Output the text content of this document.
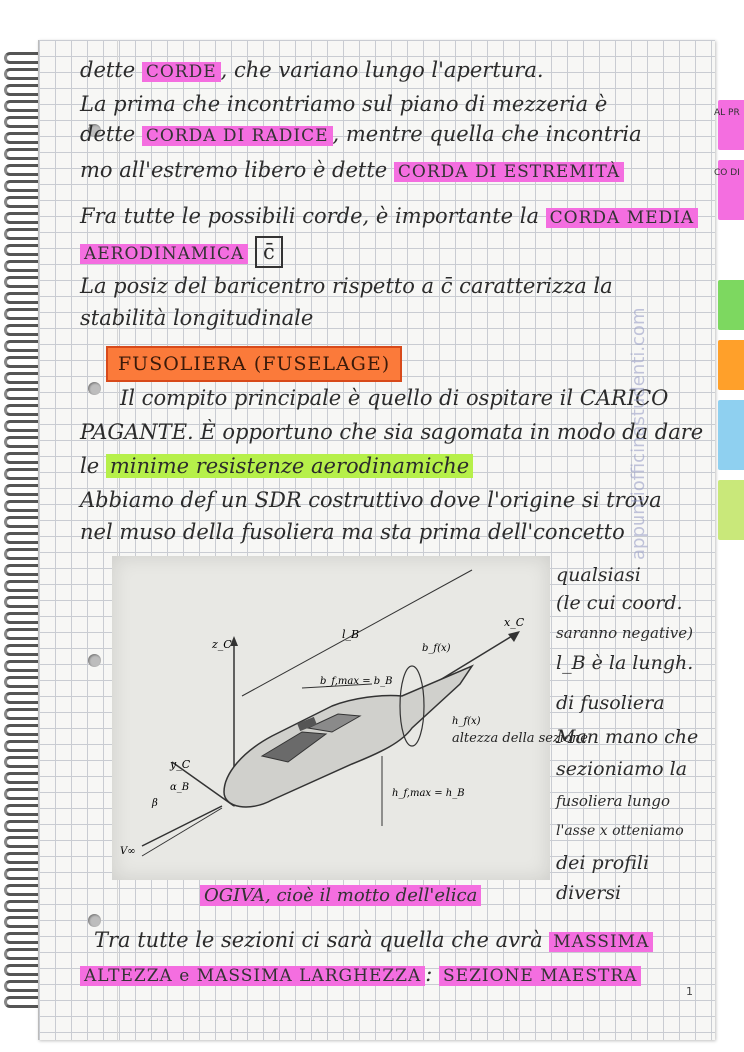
dette CORDE , che variano lungo l'apertura.
La prima che incontriamo sul piano di mezzeria è
dette CORDA DI RADICE , mentre quella che incontria
mo all'estremo libero è dette CORDA DI ESTREMITÀ
Fra tutte le possibili corde, è importante la CORDA MEDIA
AERODINAMICA c̄
La posiz del baricentro rispetto a c̄ caratterizza la
stabilità longitudinale
FUSOLIERA (FUSELAGE)
Il compito principale è quello di ospitare il CARICO
PAGANTE. È opportuno che sia sagomata in modo da dare
le minime resistenze aerodinamiche
Abbiamo def un SDR costruttivo dove l'origine si trova
nel muso della fusoliera ma sta prima dell'concetto
z_C
x_C
l_B
y_C
b_f,max = b_B
b_f(x)
h_f(x)
altezza della sezione
h_f,max = h_B
V∞
β
α_B
qualsiasi
(le cui coord.
saranno negative)
l_B è la lungh.
di fusoliera
Man mano che
sezioniamo la
fusoliera lungo
l'asse x otteniamo
dei profili
diversi
OGIVA, cioè il motto dell'elica
Tra tutte le sezioni ci sarà quella che avrà MASSIMA
ALTEZZA e MASSIMA LARGHEZZA : SEZIONE MAESTRA
AL PR
CO DI
appuntiofficinastudenti.com
1
